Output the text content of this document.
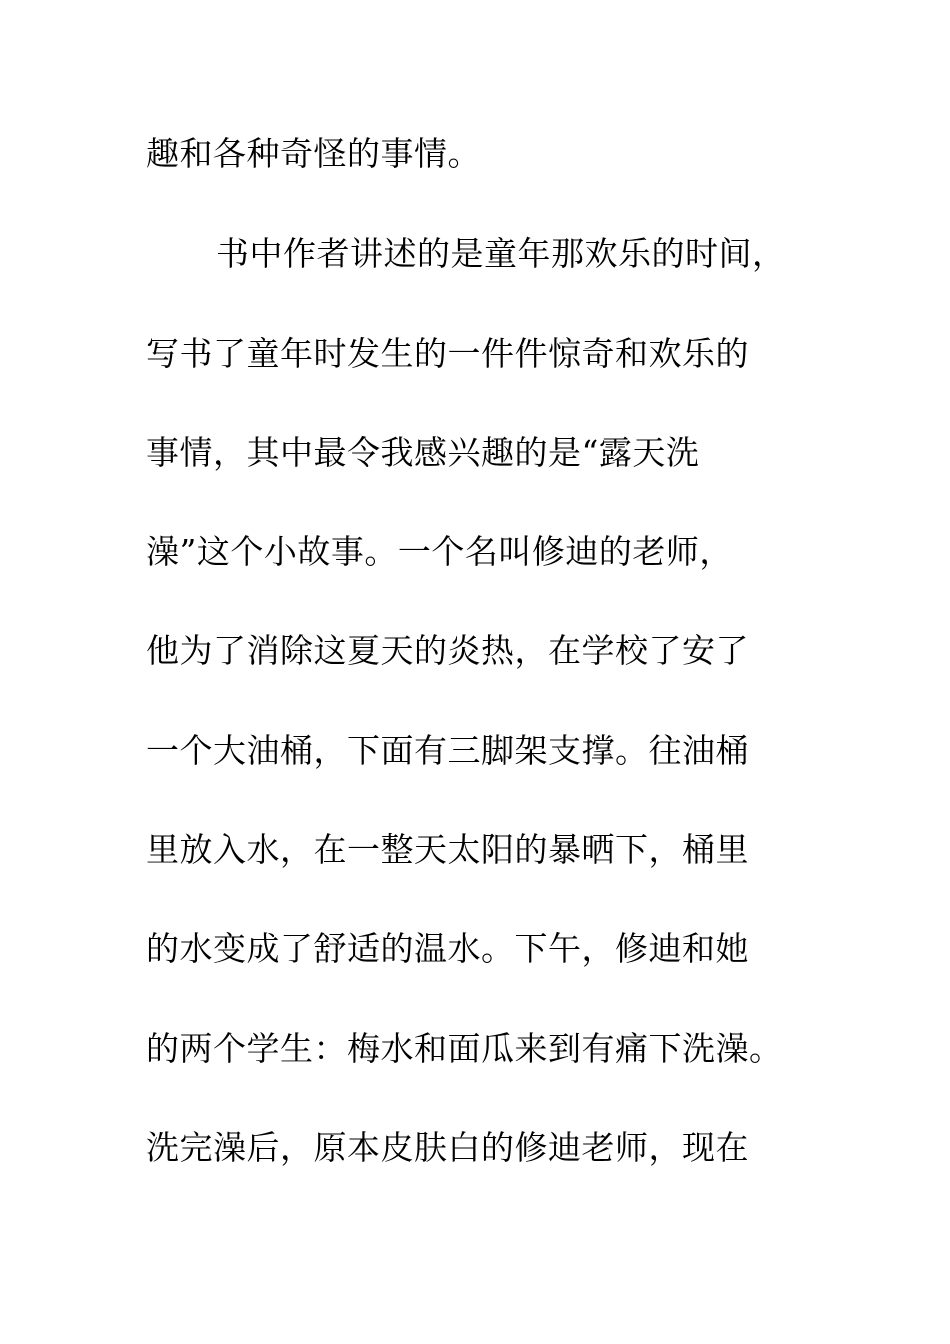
趣和各种奇怪的事情。
书中作者讲述的是童年那欢乐的时间，
写书了童年时发生的一件件惊奇和欢乐的
事情，其中最令我感兴趣的是“露天洗
澡”这个小故事。一个名叫修迪的老师，
他为了消除这夏天的炎热，在学校了安了
一个大油桶，下面有三脚架支撑。往油桶
里放入水，在一整天太阳的暴晒下，桶里
的水变成了舒适的温水。下午，修迪和她
的两个学生：梅水和面瓜来到有痛下洗澡。
洗完澡后，原本皮肤白的修迪老师，现在
